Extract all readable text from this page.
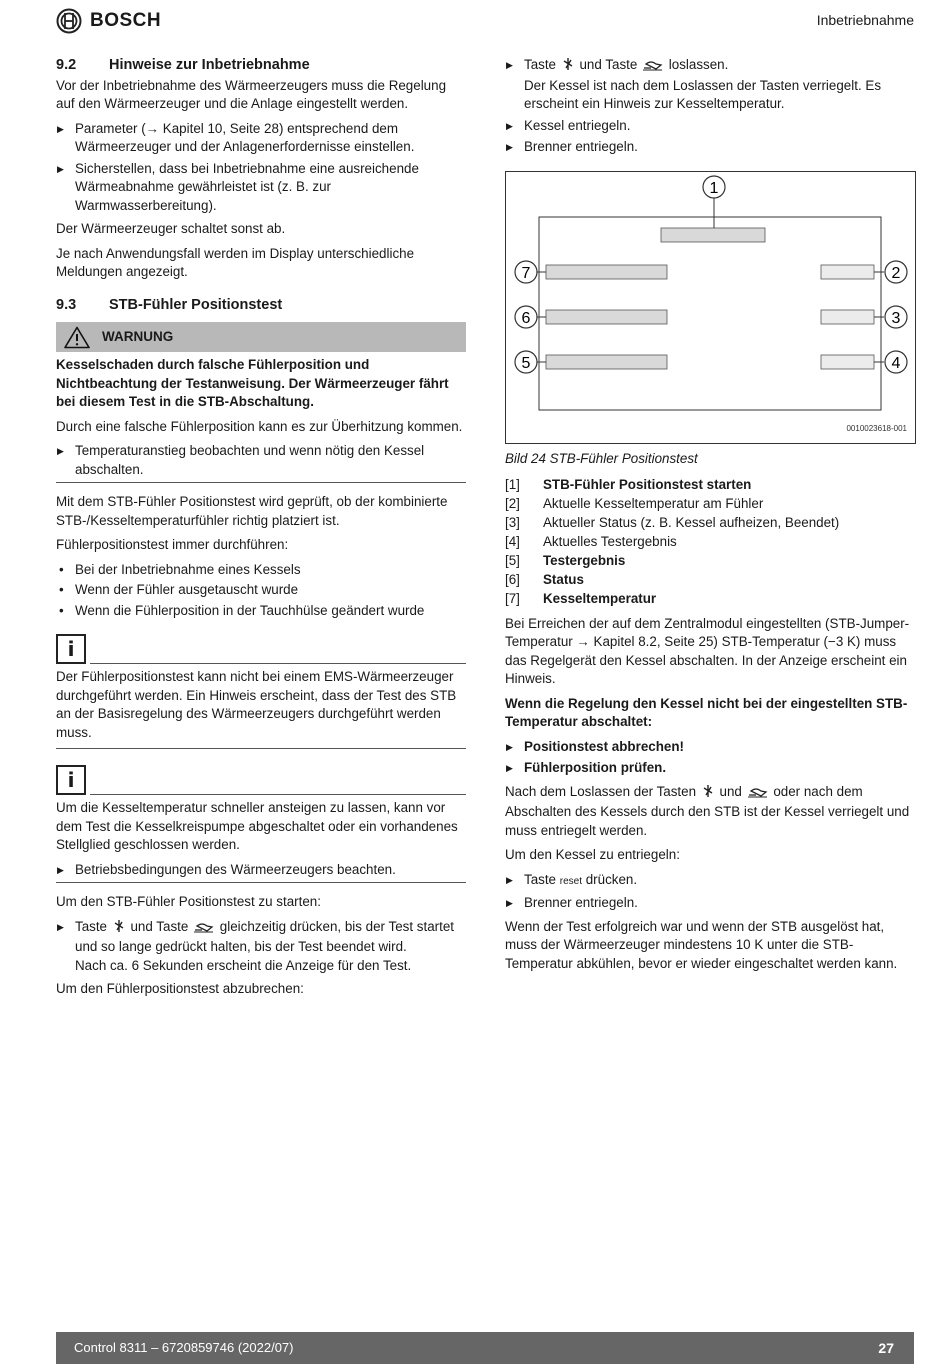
BOSCH	Inbetriebnahme
9.2	Hinweise zur Inbetriebnahme

Vor der Inbetriebnahme des Wärmeerzeugers muss die Regelung auf den Wärmeerzeuger und die Anlage eingestellt werden.

▶ Parameter (→ Kapitel 10, Seite 28) entsprechend dem Wärmeerzeuger und der Anlagenerfordernisse einstellen.
▶ Sicherstellen, dass bei Inbetriebnahme eine ausreichende Wärmeabnahme gewährleistet ist (z. B. zur Warmwasserbereitung).

Der Wärmeerzeuger schaltet sonst ab.

Je nach Anwendungsfall werden im Display unterschiedliche Meldungen angezeigt.

9.3	STB-Fühler Positionstest
WARNUNG

Kesselschaden durch falsche Fühlerposition und Nichtbeachtung der Testanweisung. Der Wärmeerzeuger fährt bei diesem Test in die STB-Abschaltung.

Durch eine falsche Fühlerposition kann es zur Überhitzung kommen.

▶ Temperaturanstieg beobachten und wenn nötig den Kessel abschalten.

Mit dem STB-Fühler Positionstest wird geprüft, ob der kombinierte STB-/Kesseltemperaturfühler richtig platziert ist.

Fühlerpositionstest immer durchführen:

• Bei der Inbetriebnahme eines Kessels
• Wenn der Fühler ausgetauscht wurde
• Wenn die Fühlerposition in der Tauchhülse geändert wurde
i

Der Fühlerpositionstest kann nicht bei einem EMS-Wärmeerzeuger durchgeführt werden. Ein Hinweis erscheint, dass der Test des STB an der Basisregelung des Wärmeerzeugers durchgeführt werden muss.

i

Um die Kesseltemperatur schneller ansteigen zu lassen, kann vor dem Test die Kesselkreispumpe abgeschaltet oder ein vorhandenes Stellglied geschlossen werden.

▶ Betriebsbedingungen des Wärmeerzeugers beachten.

Um den STB-Fühler Positionstest zu starten:

▶ Taste und Taste gleichzeitig drücken, bis der Test startet und so lange gedrückt halten, bis der Test beendet wird.
Nach ca. 6 Sekunden erscheint die Anzeige für den Test.

Um den Fühlerpositionstest abzubrechen:

▶ Taste und Taste loslassen.
Der Kessel ist nach dem Loslassen der Tasten verriegelt. Es erscheint ein Hinweis zur Kesseltemperatur.
▶ Kessel entriegeln.
▶ Brenner entriegeln.
1
7
6
5
2
3
4
0010023618-001

Bild 24 STB-Fühler Positionstest

[1]	STB-Fühler Positionstest starten
[2]	Aktuelle Kesseltemperatur am Fühler
[3]	Aktueller Status (z. B. Kessel aufheizen, Beendet)
[4]	Aktuelles Testergebnis
[5]	Testergebnis
[6]	Status
[7]	Kesseltemperatur

Bei Erreichen der auf dem Zentralmodul eingestellten (STB-Jumper-Temperatur → Kapitel 8.2, Seite 25) STB-Temperatur (−3 K) muss das Regelgerät den Kessel abschalten. In der Anzeige erscheint ein Hinweis.

Wenn die Regelung den Kessel nicht bei der eingestellten STB-Temperatur abschaltet:

▶ Positionstest abbrechen!
▶ Fühlerposition prüfen.

Nach dem Loslassen der Tasten und oder nach dem Abschalten des Kessels durch den STB ist der Kessel verriegelt und muss entriegelt werden.

Um den Kessel zu entriegeln:

▶ Taste reset drücken.
▶ Brenner entriegeln.

Wenn der Test erfolgreich war und wenn der STB ausgelöst hat, muss der Wärmeerzeuger mindestens 10 K unter die STB-Temperatur abkühlen, bevor er wieder eingeschaltet werden kann.

Control 8311 – 6720859746 (2022/07)	27
